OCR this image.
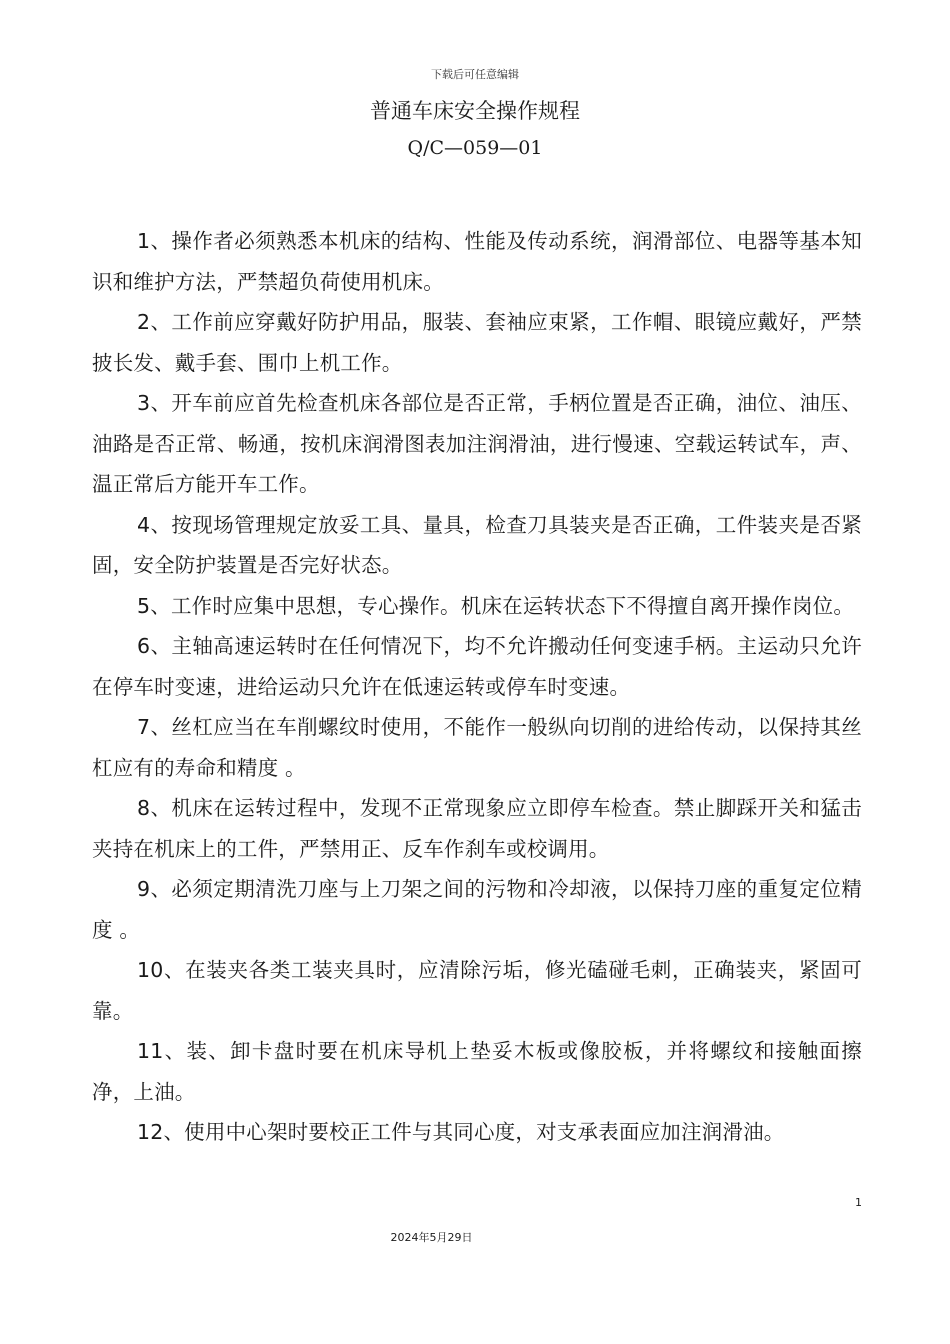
下载后可任意编辑
普通车床安全操作规程
Q/C—059—01

1、操作者必须熟悉本机床的结构、性能及传动系统，润滑部位、电器等基本知识和维护方法，严禁超负荷使用机床。

2、工作前应穿戴好防护用品，服装、套袖应束紧，工作帽、眼镜应戴好，严禁披长发、戴手套、围巾上机工作。

3、开车前应首先检查机床各部位是否正常，手柄位置是否正确，油位、油压、油路是否正常、畅通，按机床润滑图表加注润滑油，进行慢速、空载运转试车，声、温正常后方能开车工作。

4、按现场管理规定放妥工具、量具，检查刀具装夹是否正确，工件装夹是否紧固，安全防护装置是否完好状态。

5、工作时应集中思想，专心操作。机床在运转状态下不得擅自离开操作岗位。

6、主轴高速运转时在任何情况下，均不允许搬动任何变速手柄。主运动只允许在停车时变速，进给运动只允许在低速运转或停车时变速。

7、丝杠应当在车削螺纹时使用，不能作一般纵向切削的进给传动，以保持其丝杠应有的寿命和精度 。

8、机床在运转过程中，发现不正常现象应立即停车检查。禁止脚踩开关和猛击夹持在机床上的工件，严禁用正、反车作刹车或校调用。

9、必须定期清洗刀座与上刀架之间的污物和冷却液，以保持刀座的重复定位精度 。

10、在装夹各类工装夹具时，应清除污垢，修光磕碰毛刺，正确装夹，紧固可靠。

11、装、卸卡盘时要在机床导机上垫妥木板或像胶板，并将螺纹和接触面擦净，上油。

12、使用中心架时要校正工件与其同心度，对支承表面应加注润滑油。

1
2024年5月29日
